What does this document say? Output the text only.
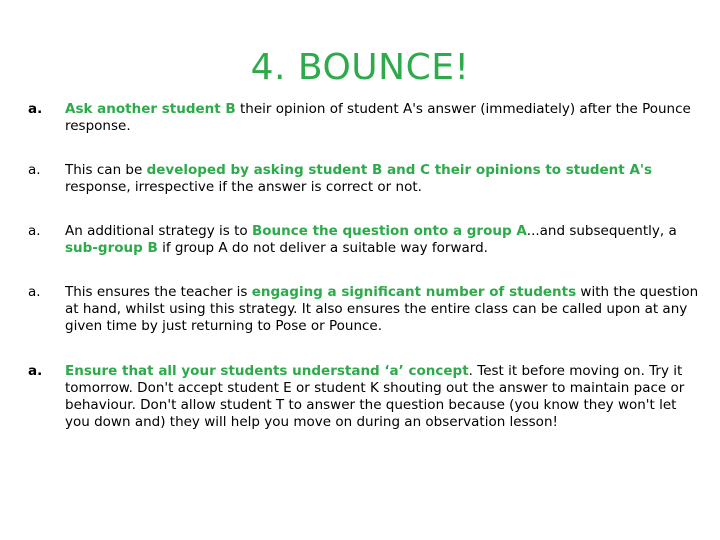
4. BOUNCE!
a.	Ask another student B their opinion of student A's answer (immediately) after the Pounce response.

a.	This can be developed by asking student B and C their opinions to student A's response, irrespective if the answer is correct or not.

a.	An additional strategy is to Bounce the question onto a group A...and subsequently, a sub-group B if group A do not deliver a suitable way forward.

a.	This ensures the teacher is engaging a significant number of students with the question at hand, whilst using this strategy. It also ensures the entire class can be called upon at any given time by just returning to Pose or Pounce.

a.	Ensure that all your students understand ‘a’ concept. Test it before moving on. Try it tomorrow. Don't accept student E or student K shouting out the answer to maintain pace or behaviour. Don't allow student T to answer the question because (you know they won't let you down and) they will help you move on during an observation lesson!
